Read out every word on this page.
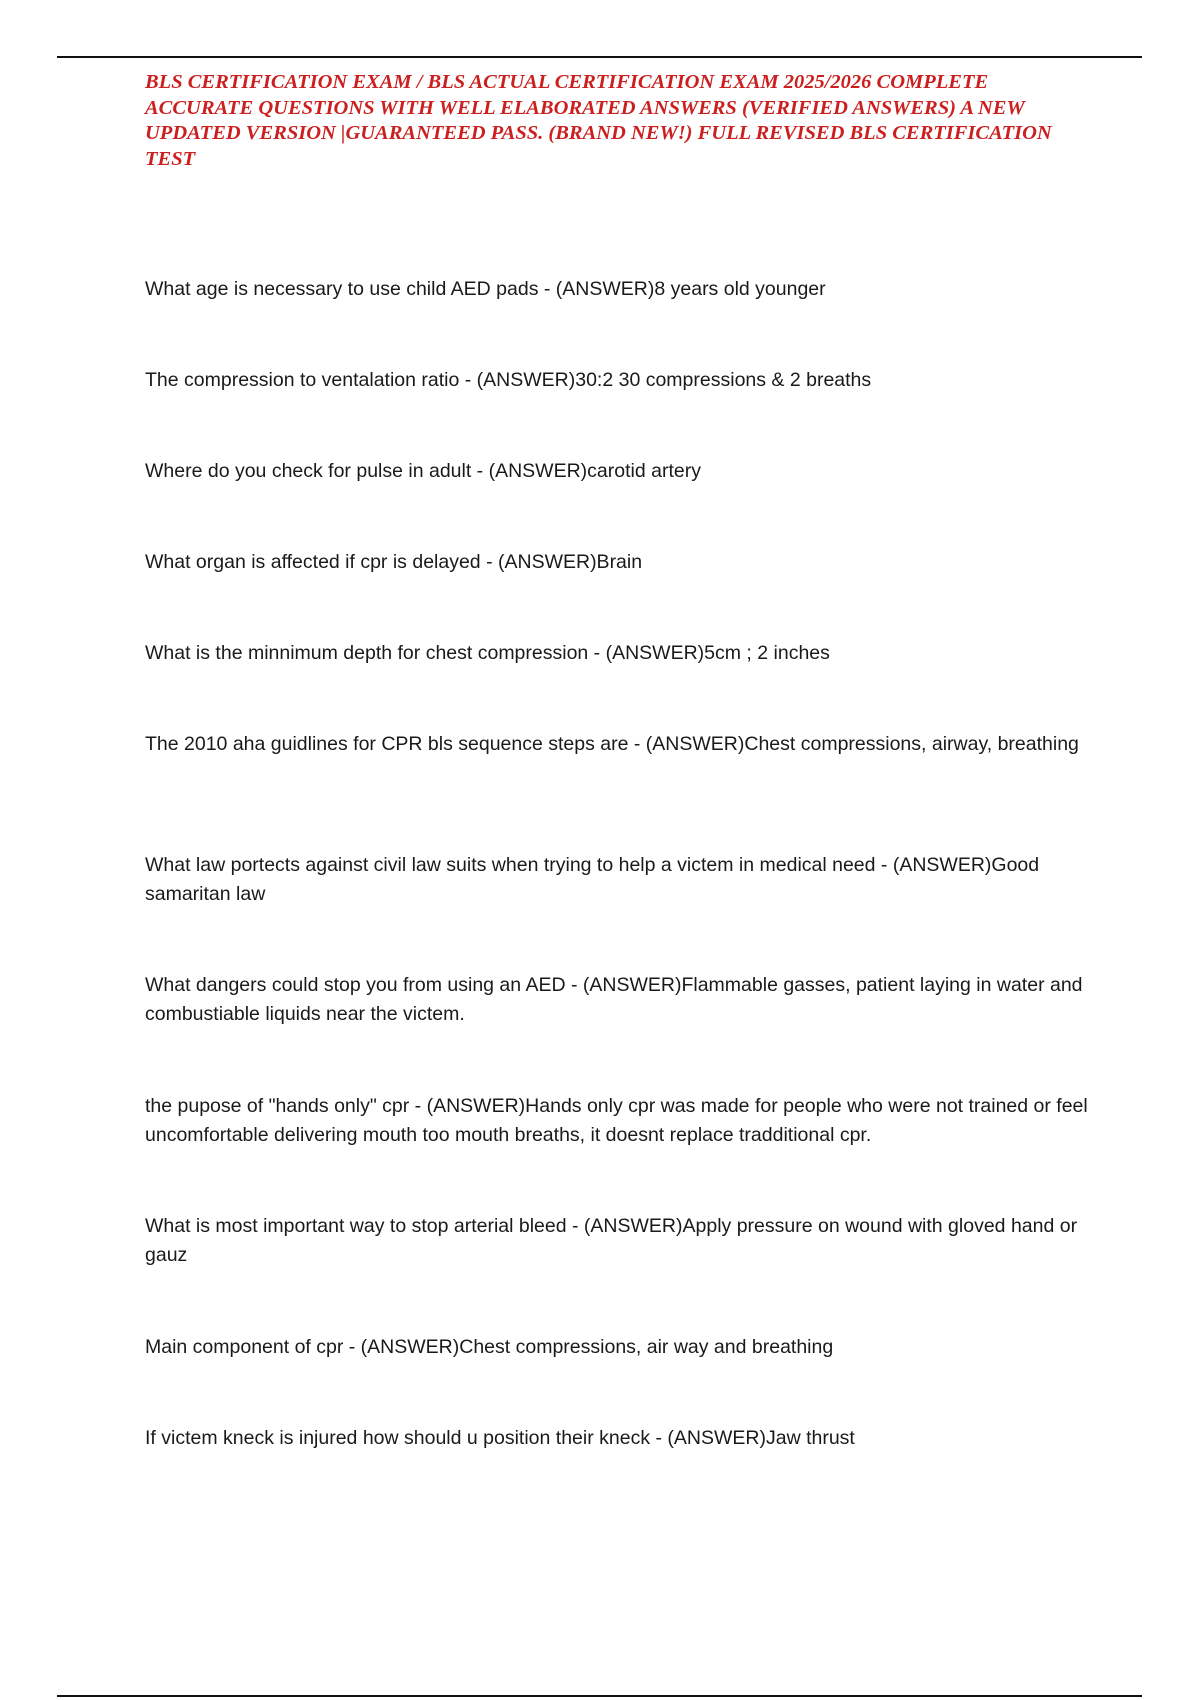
BLS CERTIFICATION EXAM / BLS ACTUAL CERTIFICATION EXAM 2025/2026 COMPLETE ACCURATE QUESTIONS WITH WELL ELABORATED ANSWERS (VERIFIED ANSWERS) A NEW UPDATED VERSION |GUARANTEED PASS. (BRAND NEW!) FULL REVISED BLS CERTIFICATION TEST

What age is necessary to use child AED pads - (ANSWER)8 years old younger

The compression to ventalation ratio - (ANSWER)30:2 30 compressions & 2 breaths

Where do you check for pulse in adult - (ANSWER)carotid artery

What organ is affected if cpr is delayed - (ANSWER)Brain

What is the minnimum depth for chest compression - (ANSWER)5cm ; 2 inches

The 2010 aha guidlines for CPR bls sequence steps are - (ANSWER)Chest compressions, airway, breathing

What law portects against civil law suits when trying to help a victem in medical need - (ANSWER)Good samaritan law

What dangers could stop you from using an AED - (ANSWER)Flammable gasses, patient laying in water and combustiable liquids near the victem.

the pupose of "hands only" cpr - (ANSWER)Hands only cpr was made for people who were not trained or feel uncomfortable delivering mouth too mouth breaths, it doesnt replace tradditional cpr.

What is most important way to stop arterial bleed - (ANSWER)Apply pressure on wound with gloved hand or gauz

Main component of cpr - (ANSWER)Chest compressions, air way and breathing

If victem kneck is injured how should u position their kneck - (ANSWER)Jaw thrust
